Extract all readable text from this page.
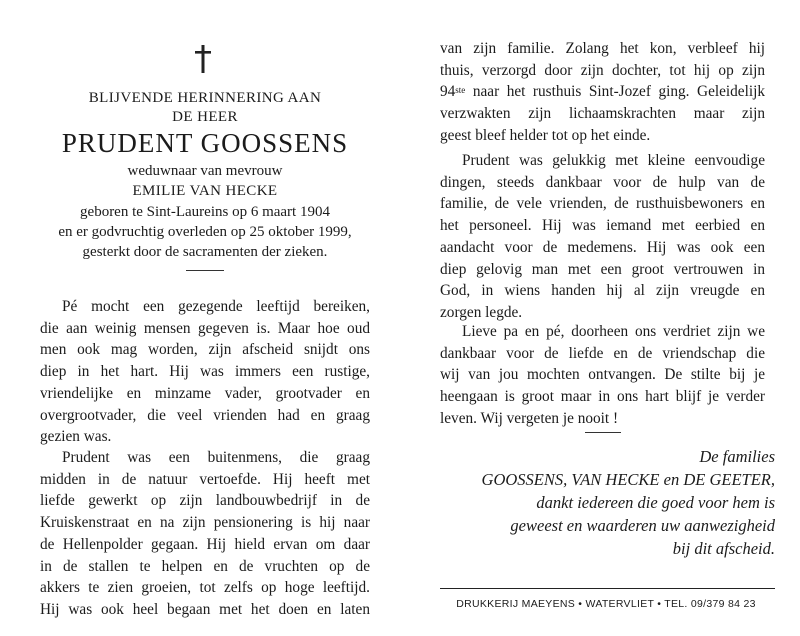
BLIJVENDE HERINNERING AAN
DE HEER
PRUDENT GOOSSENS
weduwnaar van mevrouw
EMILIE VAN HECKE
geboren te Sint-Laureins op 6 maart 1904
en er godvruchtig overleden op 25 oktober 1999,
gesterkt door de sacramenten der zieken.
Pé mocht een gezegende leeftijd bereiken,
die aan weinig mensen gegeven is. Maar hoe oud
men ook mag worden, zijn afscheid snijdt ons
diep in het hart. Hij was immers een rustige,
vriendelijke en minzame vader, grootvader en
overgrootvader, die veel vrienden had en graag
gezien was.
Prudent was een buitenmens, die graag
midden in de natuur vertoefde. Hij heeft met
liefde gewerkt op zijn landbouwbedrijf in de
Kruiskenstraat en na zijn pensionering is hij naar
de Hellenpolder gegaan. Hij hield ervan om daar
in de stallen te helpen en de vruchten op de
akkers te zien groeien, tot zelfs op hoge leeftijd.
Hij was ook heel begaan met het doen en laten
van zijn familie. Zolang het kon, verbleef hij
thuis, verzorgd door zijn dochter, tot hij op zijn
94ste naar het rusthuis Sint-Jozef ging. Geleidelijk
verzwakten zijn lichaamskrachten maar zijn
geest bleef helder tot op het einde.
Prudent was gelukkig met kleine eenvoudige
dingen, steeds dankbaar voor de hulp van de
familie, de vele vrienden, de rusthuisbewoners en
het personeel. Hij was iemand met eerbied en
aandacht voor de medemens. Hij was ook een
diep gelovig man met een groot vertrouwen in
God, in wiens handen hij al zijn vreugde en
zorgen legde.
Lieve pa en pé, doorheen ons verdriet zijn we
dankbaar voor de liefde en de vriendschap die
wij van jou mochten ontvangen. De stilte bij je
heengaan is groot maar in ons hart blijf je verder
leven. Wij vergeten je nooit !
De families
GOOSSENS, VAN HECKE en DE GEETER,
dankt iedereen die goed voor hem is
geweest en waarderen uw aanwezigheid
bij dit afscheid.
DRUKKERIJ MAEYENS • WATERVLIET • TEL. 09/379 84 23
